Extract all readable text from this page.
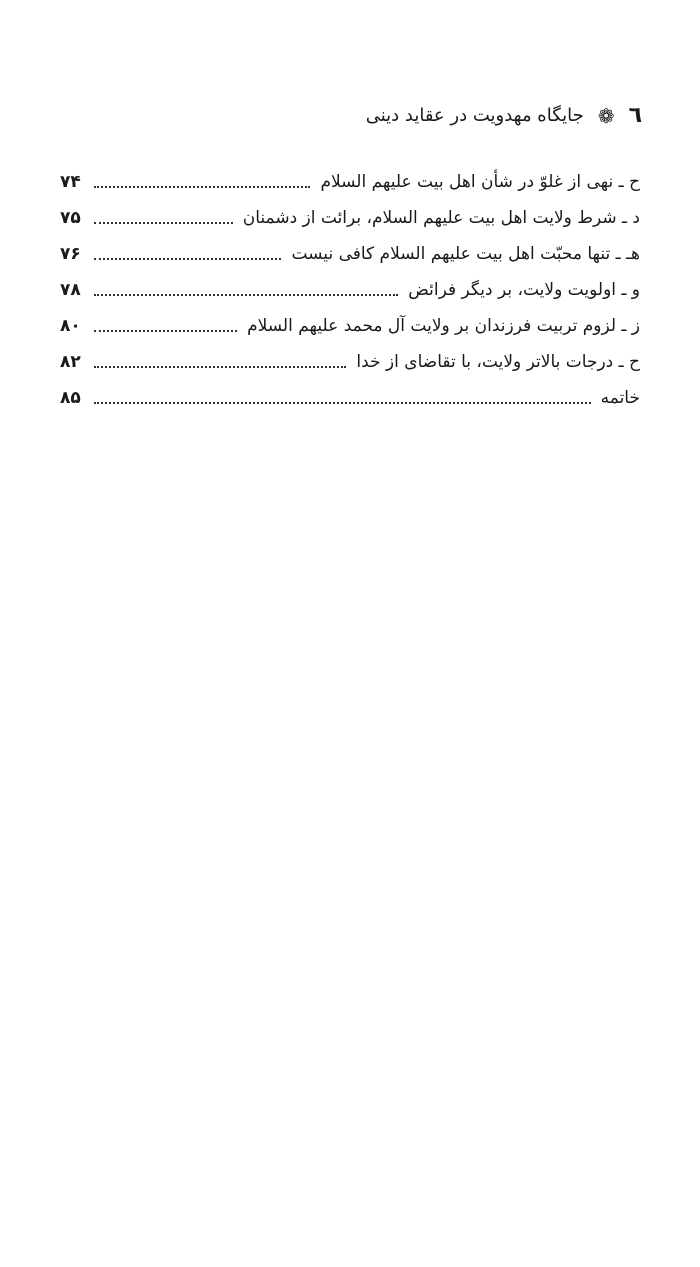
٦
❁
جایگاه مهدویت در عقاید دینی
ح ـ نهی از غلوّ در شأن اهل بیت علیهم السلام
۷۴
د ـ شرط ولایت اهل بیت علیهم السلام، برائت از دشمنان
۷۵
هـ ـ تنها محبّت اهل بیت علیهم السلام کافی نیست
۷۶
و ـ اولویت ولایت، بر دیگر فرائض
۷۸
ز ـ لزوم تربیت فرزندان بر ولایت آل محمد علیهم السلام
۸۰
ح ـ درجات بالاتر ولایت، با تقاضای از خدا
۸۲
خاتمه
۸۵
